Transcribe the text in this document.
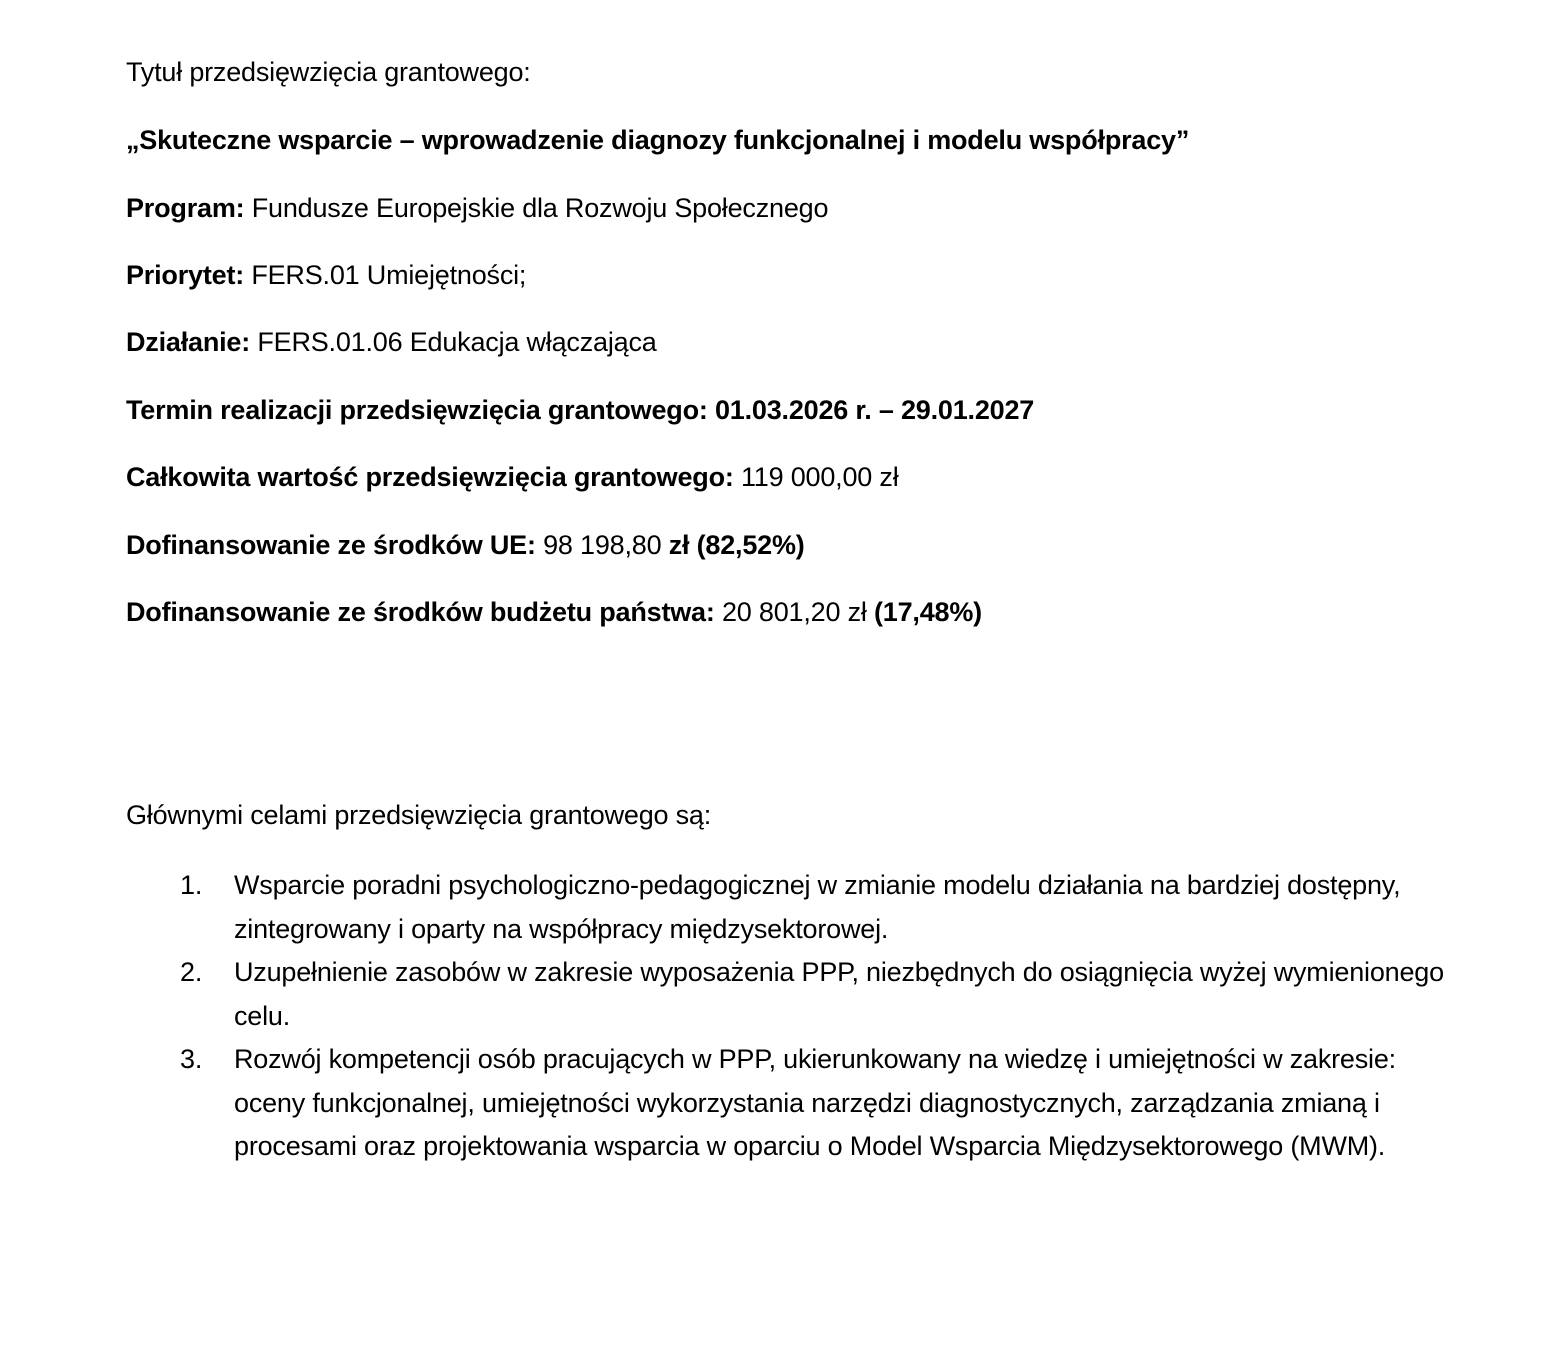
Tytuł przedsięwzięcia grantowego:
„Skuteczne wsparcie – wprowadzenie diagnozy funkcjonalnej i modelu współpracy”
Program: Fundusze Europejskie dla Rozwoju Społecznego
Priorytet: FERS.01 Umiejętności;
Działanie: FERS.01.06 Edukacja włączająca
Termin realizacji przedsięwzięcia grantowego: 01.03.2026 r. – 29.01.2027
Całkowita wartość przedsięwzięcia grantowego: 119 000,00 zł
Dofinansowanie ze środków UE: 98 198,80 zł (82,52%)
Dofinansowanie ze środków budżetu państwa: 20 801,20 zł (17,48%)
Głównymi celami przedsięwzięcia grantowego są:
1. Wsparcie poradni psychologiczno-pedagogicznej w zmianie modelu działania na bardziej dostępny, zintegrowany i oparty na współpracy międzysektorowej.
2. Uzupełnienie zasobów w zakresie wyposażenia PPP, niezbędnych do osiągnięcia wyżej wymienionego celu.
3. Rozwój kompetencji osób pracujących w PPP, ukierunkowany na wiedzę i umiejętności w zakresie: oceny funkcjonalnej, umiejętności wykorzystania narzędzi diagnostycznych, zarządzania zmianą i procesami oraz projektowania wsparcia w oparciu o Model Wsparcia Międzysektorowego (MWM).
